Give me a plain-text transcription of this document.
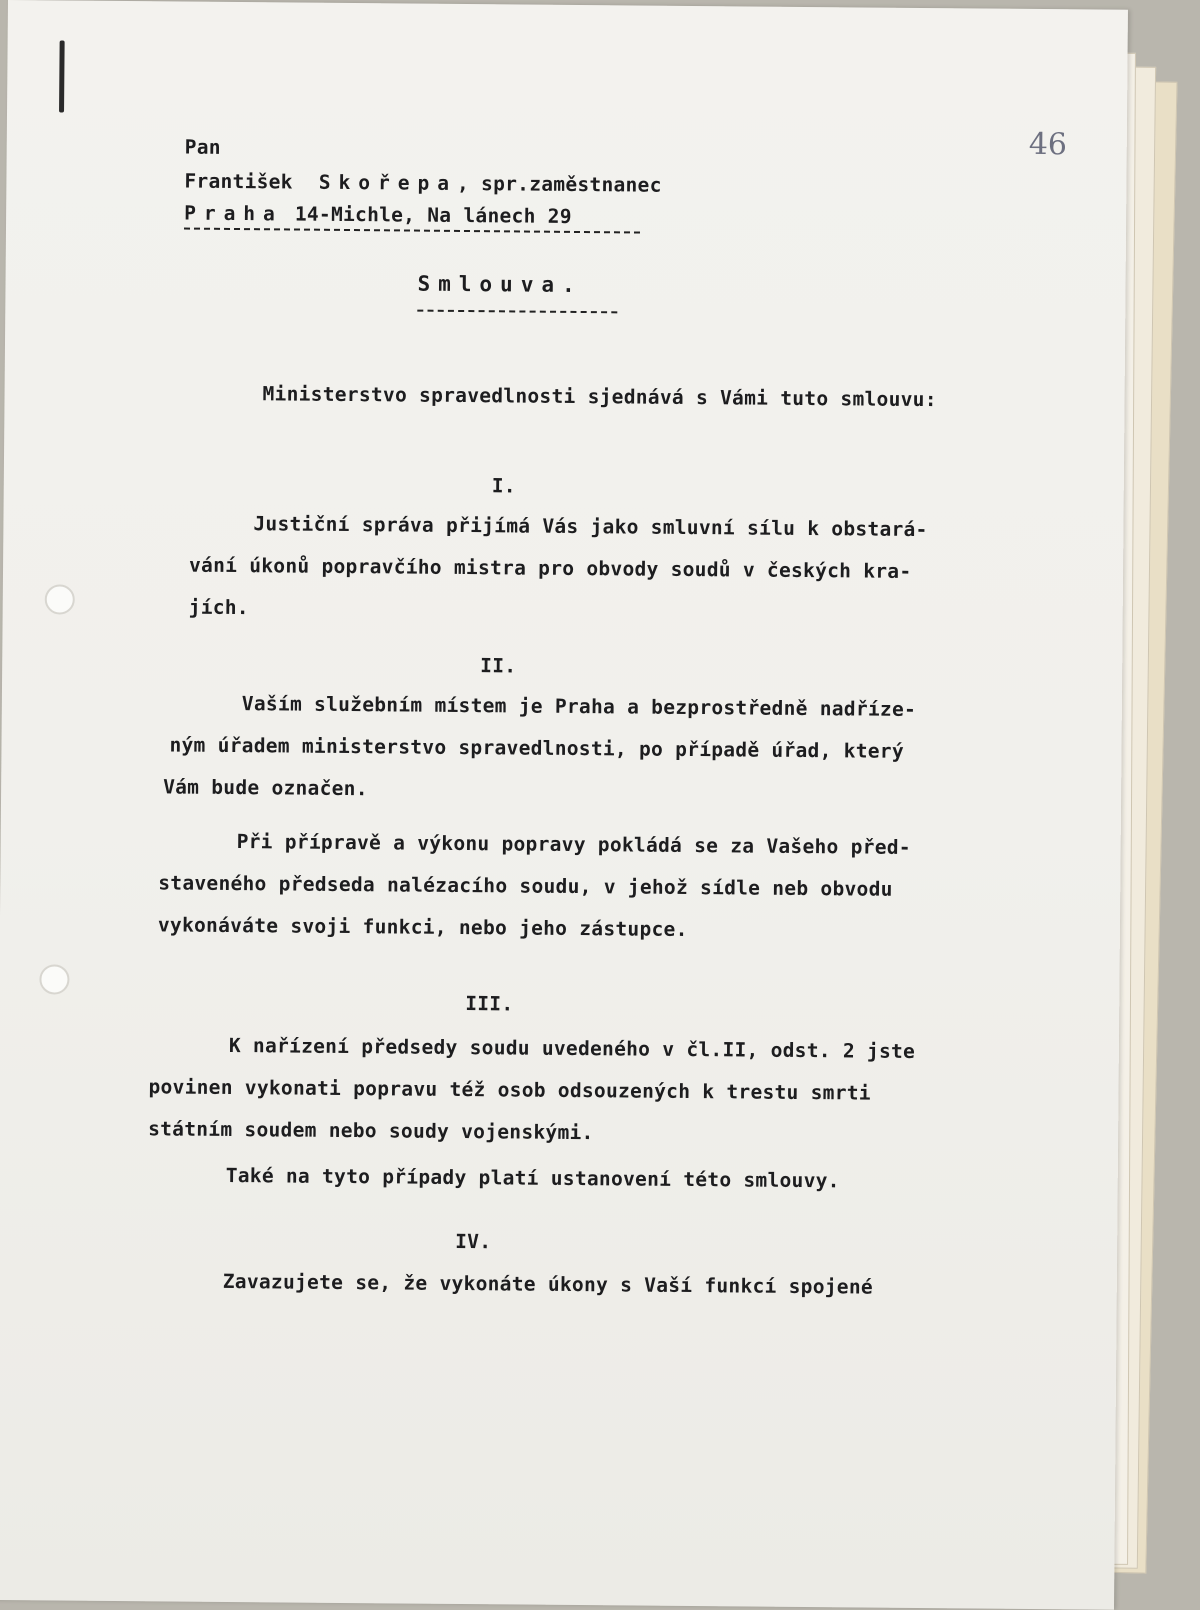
46
Pan
František Skořepa, spr.zaměstnanec
Praha 14-Michle, Na lánech 29
Smlouva.
Ministerstvo spravedlnosti sjednává s Vámi tuto smlouvu:
I.
Justiční správa přijímá Vás jako smluvní sílu k obstará-
vání úkonů popravčího mistra pro obvody soudů v českých kra-
jích.
II.
Vaším služebním místem je Praha a bezprostředně nadříze-
ným úřadem ministerstvo spravedlnosti, po případě úřad, který
Vám bude označen.
Při přípravě a výkonu popravy pokládá se za Vašeho před-
staveného předseda nalézacího soudu, v jehož sídle neb obvodu
vykonáváte svoji funkci, nebo jeho zástupce.
III.
K nařízení předsedy soudu uvedeného v čl.II, odst. 2 jste
povinen vykonati popravu též osob odsouzených k trestu smrti
státním soudem nebo soudy vojenskými.
Také na tyto případy platí ustanovení této smlouvy.
IV.
Zavazujete se, že vykonáte úkony s Vaší funkcí spojené
